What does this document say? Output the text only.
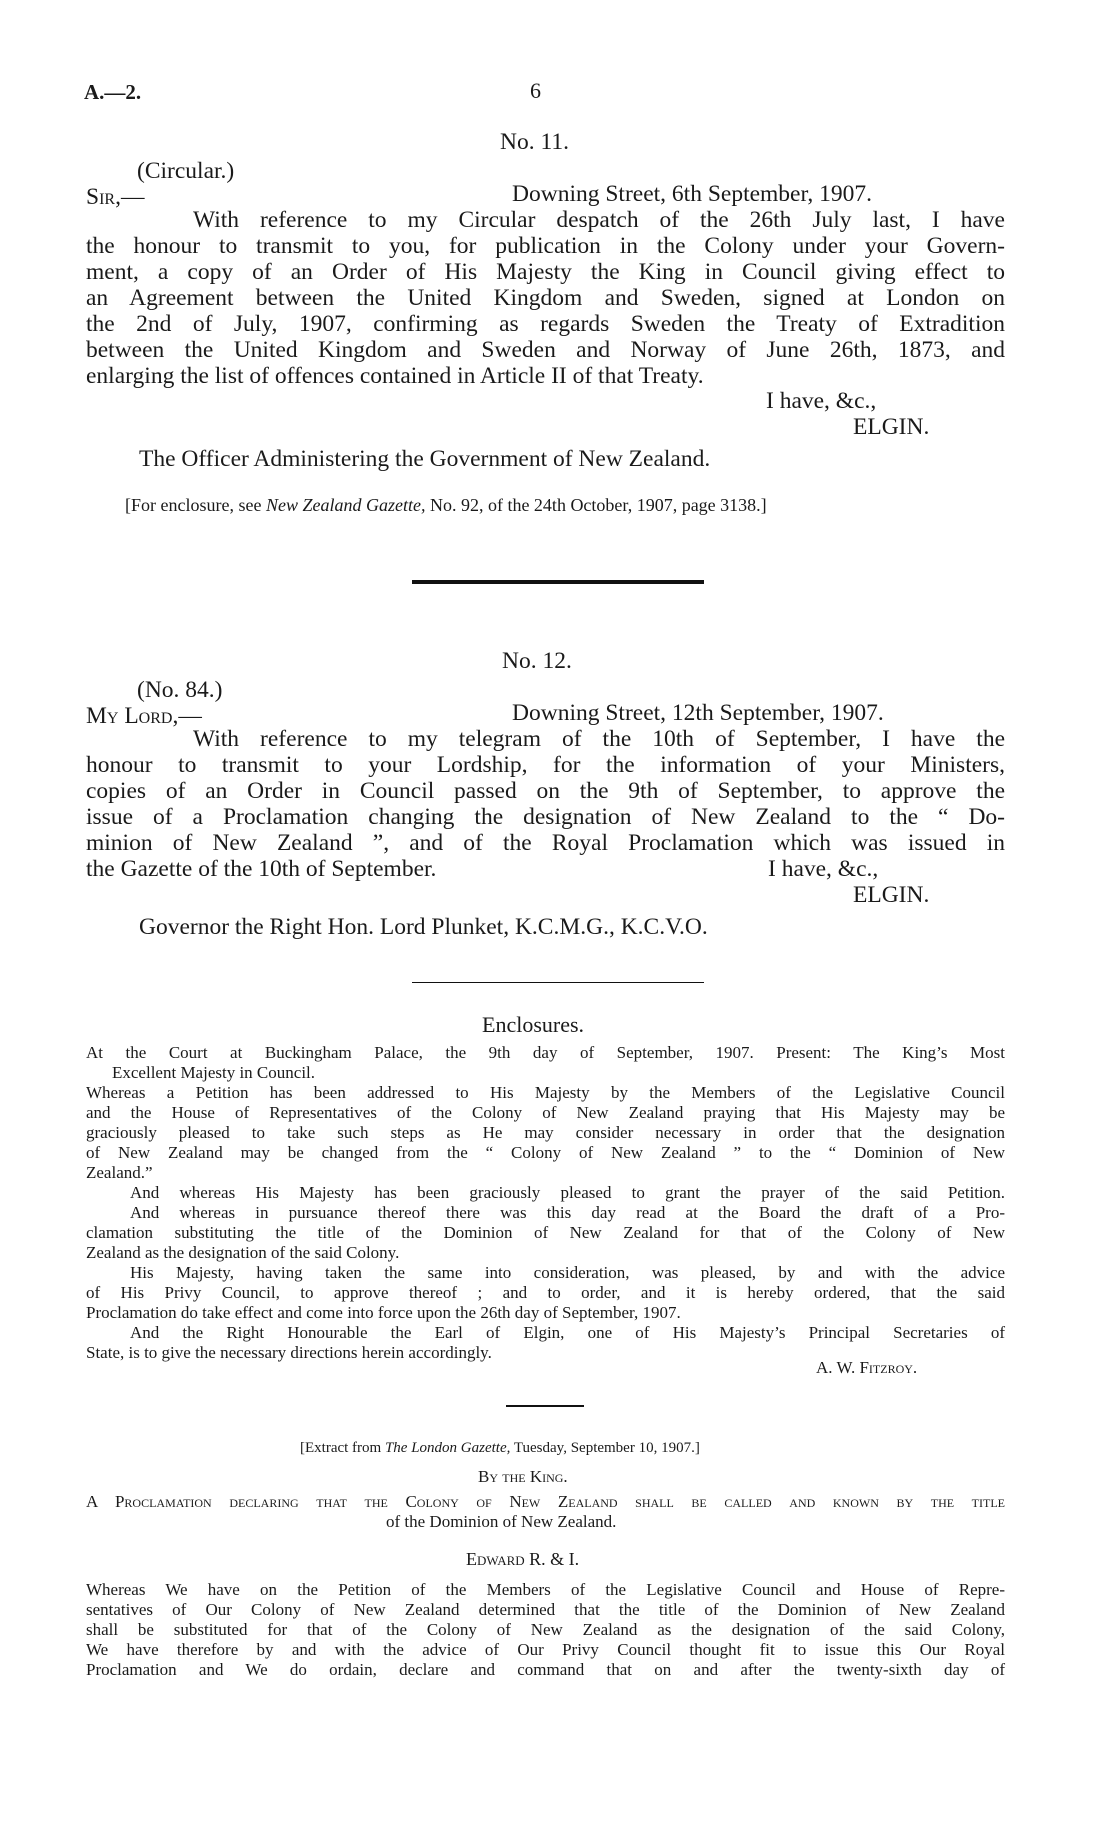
A.—2.	6
No. 11.
(Circular.)
Sir,—	Downing Street, 6th September, 1907.
With reference to my Circular despatch of the 26th July last, I have
the honour to transmit to you, for publication in the Colony under your Govern-
ment, a copy of an Order of His Majesty the King in Council giving effect to
an Agreement between the United Kingdom and Sweden, signed at London on
the 2nd of July, 1907, confirming as regards Sweden the Treaty of Extradition
between the United Kingdom and Sweden and Norway of June 26th, 1873, and
enlarging the list of offences contained in Article II of that Treaty.
I have, &c.,
ELGIN.
The Officer Administering the Government of New Zealand.
[For enclosure, see New Zealand Gazette, No. 92, of the 24th October, 1907, page 3138.]
No. 12.
(No. 84.)
My Lord,—	Downing Street, 12th September, 1907.
With reference to my telegram of the 10th of September, I have the
honour to transmit to your Lordship, for the information of your Ministers,
copies of an Order in Council passed on the 9th of September, to approve the
issue of a Proclamation changing the designation of New Zealand to the “ Do-
minion of New Zealand ”, and of the Royal Proclamation which was issued in
the Gazette of the 10th of September.	I have, &c.,
ELGIN.
Governor the Right Hon. Lord Plunket, K.C.M.G., K.C.V.O.
Enclosures.
At the Court at Buckingham Palace, the 9th day of September, 1907. Present: The King’s Most
Excellent Majesty in Council.
Whereas a Petition has been addressed to His Majesty by the Members of the Legislative Council
and the House of Representatives of the Colony of New Zealand praying that His Majesty may be
graciously pleased to take such steps as He may consider necessary in order that the designation
of New Zealand may be changed from the “ Colony of New Zealand ” to the “ Dominion of New
Zealand.”
And whereas His Majesty has been graciously pleased to grant the prayer of the said Petition.
And whereas in pursuance thereof there was this day read at the Board the draft of a Pro-
clamation substituting the title of the Dominion of New Zealand for that of the Colony of New
Zealand as the designation of the said Colony.
His Majesty, having taken the same into consideration, was pleased, by and with the advice
of His Privy Council, to approve thereof ; and to order, and it is hereby ordered, that the said
Proclamation do take effect and come into force upon the 26th day of September, 1907.
And the Right Honourable the Earl of Elgin, one of His Majesty’s Principal Secretaries of
State, is to give the necessary directions herein accordingly.
A. W. Fitzroy.
[Extract from The London Gazette, Tuesday, September 10, 1907.]
By the King.
A Proclamation declaring that the Colony of New Zealand shall be called and known by the title
of the Dominion of New Zealand.
Edward R. & I.
Whereas We have on the Petition of the Members of the Legislative Council and House of Repre-
sentatives of Our Colony of New Zealand determined that the title of the Dominion of New Zealand
shall be substituted for that of the Colony of New Zealand as the designation of the said Colony,
We have therefore by and with the advice of Our Privy Council thought fit to issue this Our Royal
Proclamation and We do ordain, declare and command that on and after the twenty-sixth day of
